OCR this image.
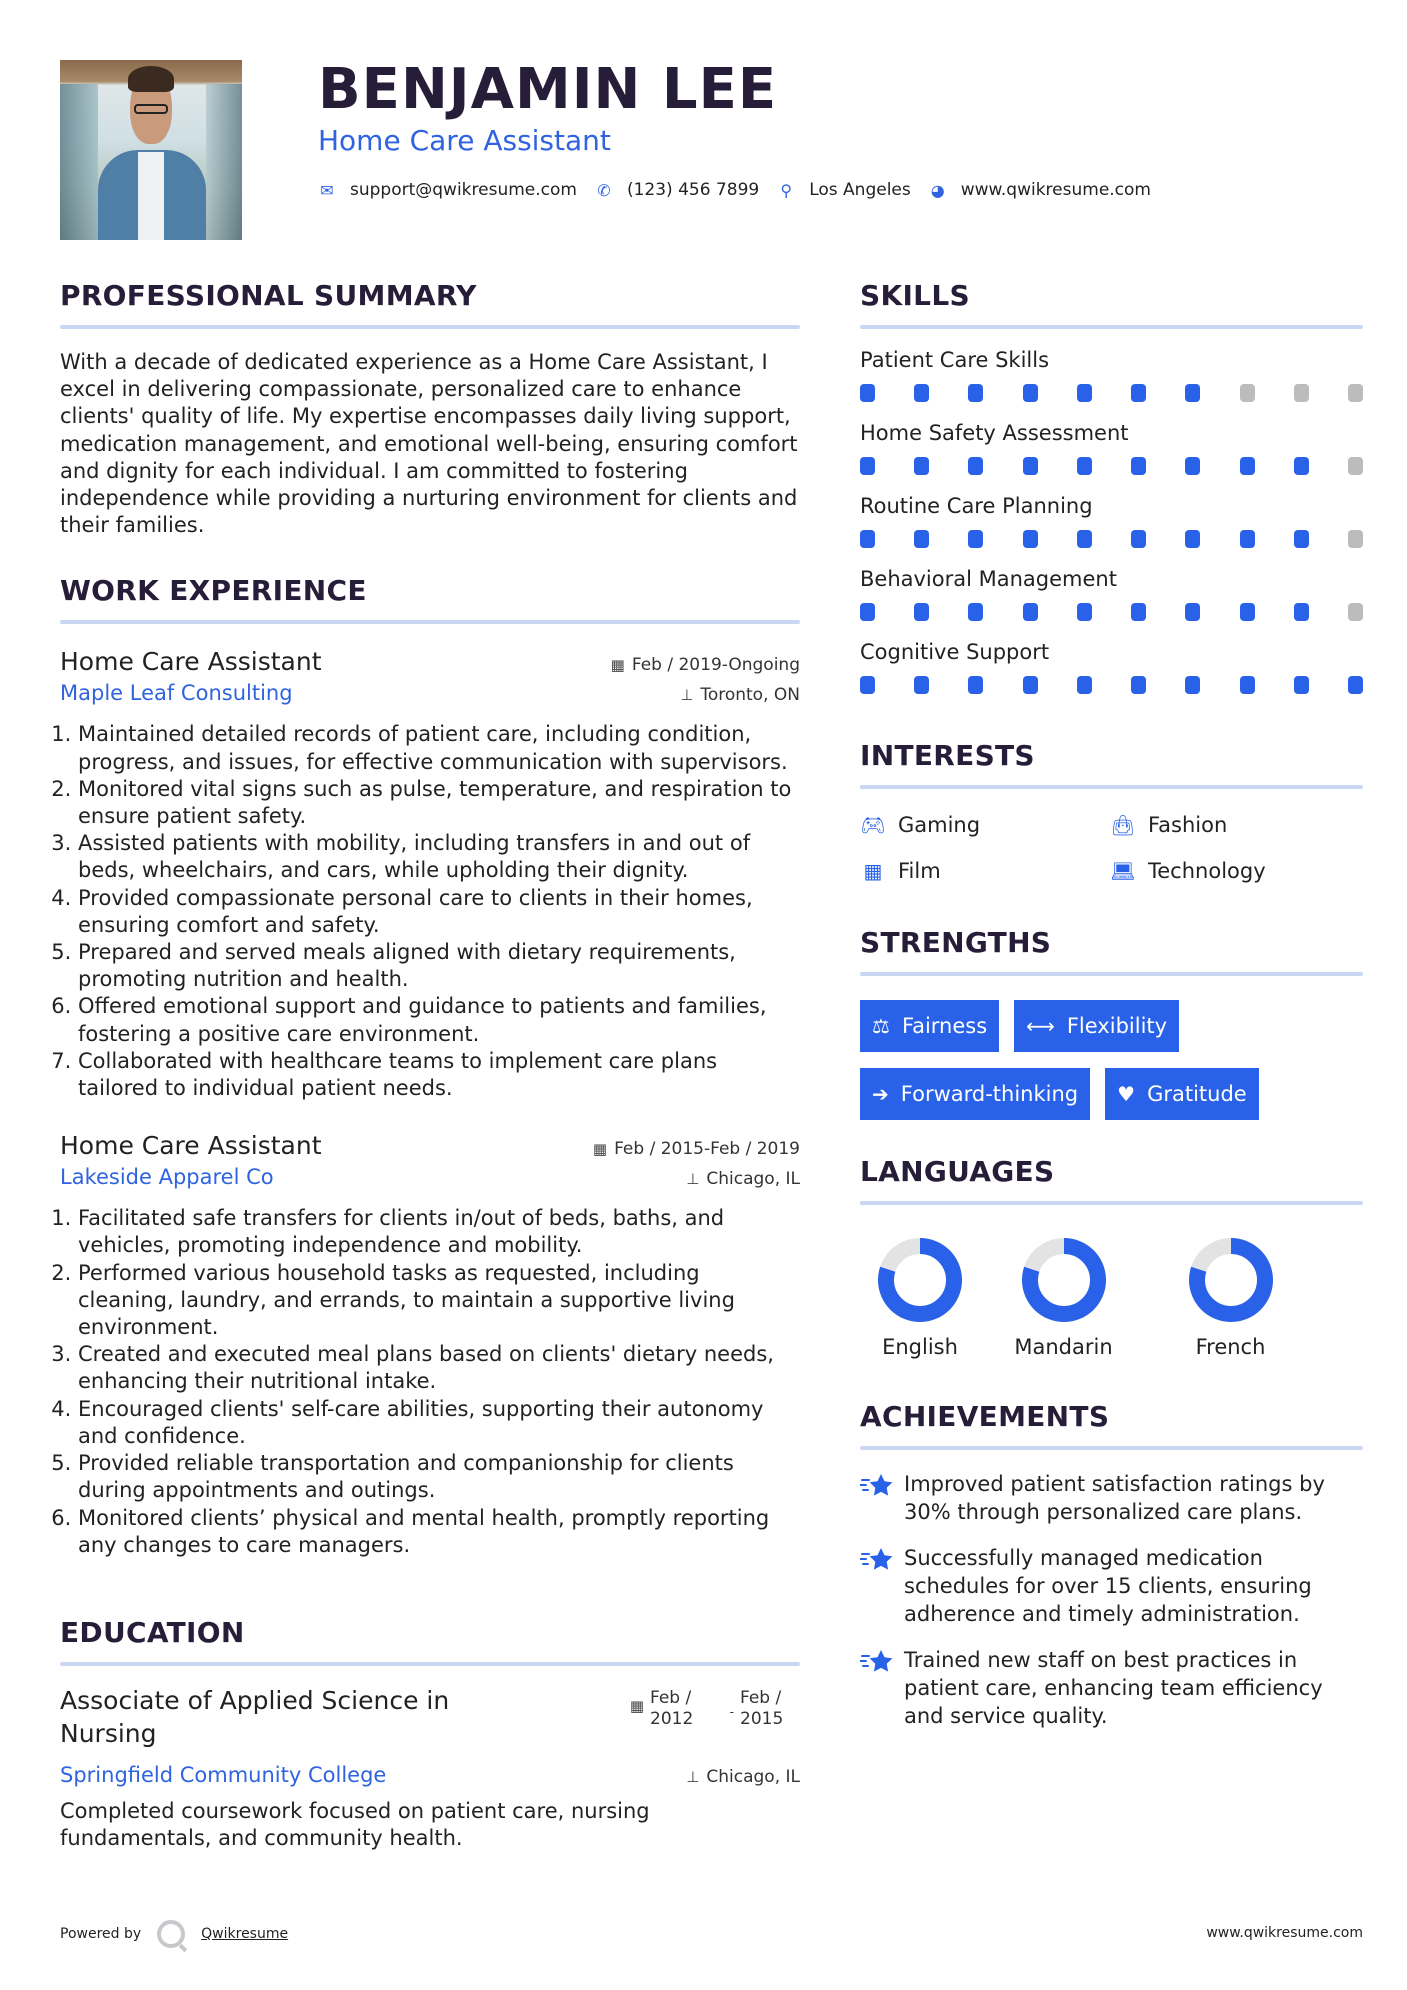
BENJAMIN LEE
Home Care Assistant
✉ support@qwikresume.com ✆ (123) 456 7899 ⚲ Los Angeles ◕ www.qwikresume.com
PROFESSIONAL SUMMARY

With a decade of dedicated experience as a Home Care Assistant, I excel in delivering compassionate, personalized care to enhance clients' quality of life. My expertise encompasses daily living support, medication management, and emotional well-being, ensuring comfort and dignity for each individual. I am committed to fostering independence while providing a nurturing environment for clients and their families.

WORK EXPERIENCE
Home Care Assistant	▦ Feb / 2019-Ongoing
Maple Leaf Consulting	⊥ Toronto, ON
1. Maintained detailed records of patient care, including condition, progress, and issues, for effective communication with supervisors.
2. Monitored vital signs such as pulse, temperature, and respiration to ensure patient safety.
3. Assisted patients with mobility, including transfers in and out of beds, wheelchairs, and cars, while upholding their dignity.
4. Provided compassionate personal care to clients in their homes, ensuring comfort and safety.
5. Prepared and served meals aligned with dietary requirements, promoting nutrition and health.
6. Offered emotional support and guidance to patients and families, fostering a positive care environment.
7. Collaborated with healthcare teams to implement care plans tailored to individual patient needs.
Home Care Assistant	▦ Feb / 2015-Feb / 2019
Lakeside Apparel Co	⊥ Chicago, IL
1. Facilitated safe transfers for clients in/out of beds, baths, and vehicles, promoting independence and mobility.
2. Performed various household tasks as requested, including cleaning, laundry, and errands, to maintain a supportive living environment.
3. Created and executed meal plans based on clients' dietary needs, enhancing their nutritional intake.
4. Encouraged clients' self-care abilities, supporting their autonomy and confidence.
5. Provided reliable transportation and companionship for clients during appointments and outings.
6. Monitored clients’ physical and mental health, promptly reporting any changes to care managers.
EDUCATION
Associate of Applied Science in Nursing
▦ Feb /
2012	-
Feb /
2015
Springfield Community College	⊥ Chicago, IL

Completed coursework focused on patient care, nursing fundamentals, and community health.

SKILLS
Patient Care Skills
Home Safety Assessment
Routine Care Planning
Behavioral Management
Cognitive Support
INTERESTS
🎮︎ Gaming	👜︎ Fashion
▦ Film	💻︎ Technology
STRENGTHS
⚖ Fairness ⟷ Flexibility
➔ Forward-thinking ♥ Gratitude
LANGUAGES
English	Mandarin	French
ACHIEVEMENTS
Improved patient satisfaction ratings by 30% through personalized care plans.
Successfully managed medication schedules for over 15 clients, ensuring adherence and timely administration.
Trained new staff on best practices in patient care, enhancing team efficiency and service quality.
Powered by	Qwikresume	www.qwikresume.com
